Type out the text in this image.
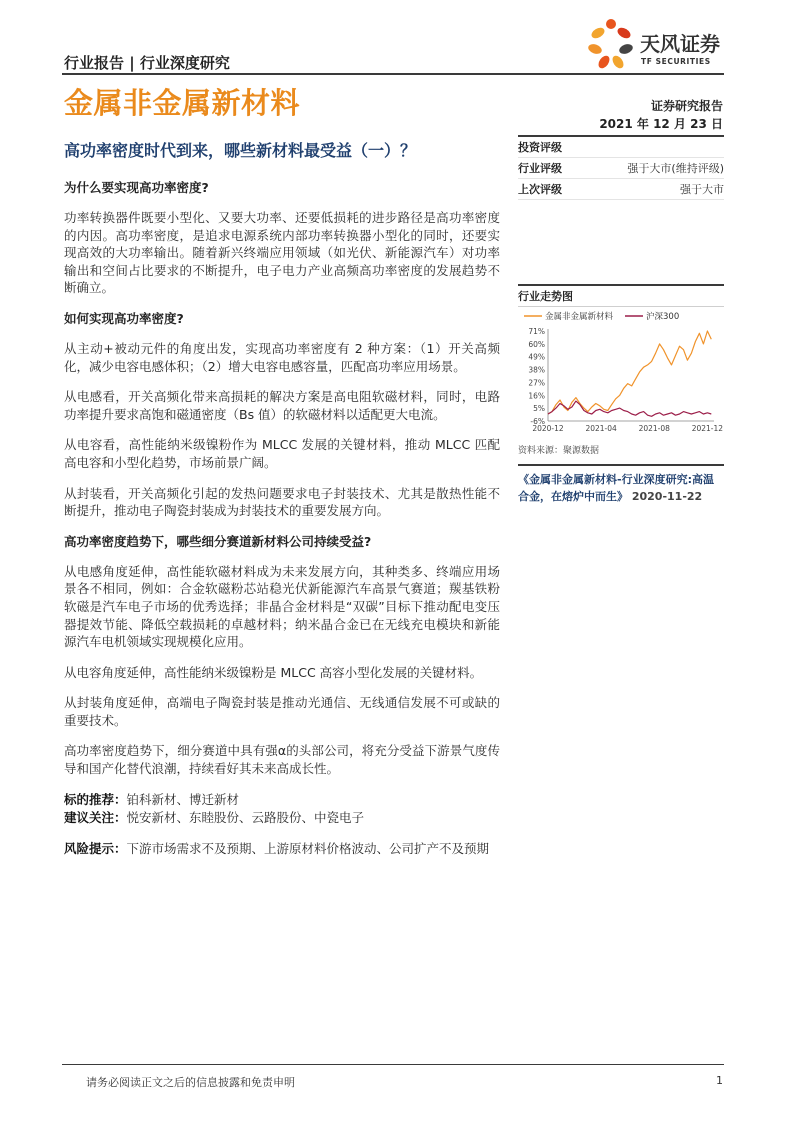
行业报告 | 行业深度研究
天风证券
TF SECURITIES
金属非金属新材料	证券研究报告
2021 年 12 月 23 日
高功率密度时代到来，哪些新材料最受益（一）？
为什么要实现高功率密度?

功率转换器件既要小型化、又要大功率、还要低损耗的进步路径是高功率密度的内因。高功率密度，是追求电源系统内部功率转换器小型化的同时，还要实现高效的大功率输出。随着新兴终端应用领域（如光伏、新能源汽车）对功率输出和空间占比要求的不断提升，电子电力产业高频高功率密度的发展趋势不断确立。

如何实现高功率密度?

从主动+被动元件的角度出发，实现高功率密度有 2 种方案：（1）开关高频化，减少电容电感体积；（2）增大电容电感容量，匹配高功率应用场景。

从电感看，开关高频化带来高损耗的解决方案是高电阻软磁材料，同时，电路功率提升要求高饱和磁通密度（Bs 值）的软磁材料以适配更大电流。

从电容看，高性能纳米级镍粉作为 MLCC 发展的关键材料，推动 MLCC 匹配高电容和小型化趋势，市场前景广阔。

从封装看，开关高频化引起的发热问题要求电子封装技术、尤其是散热性能不断提升，推动电子陶瓷封装成为封装技术的重要发展方向。

高功率密度趋势下，哪些细分赛道新材料公司持续受益?

从电感角度延伸，高性能软磁材料成为未来发展方向，其种类多、终端应用场景各不相同，例如：合金软磁粉芯站稳光伏新能源汽车高景气赛道；羰基铁粉软磁是汽车电子市场的优秀选择；非晶合金材料是“双碳”目标下推动配电变压器提效节能、降低空载损耗的卓越材料；纳米晶合金已在无线充电模块和新能源汽车电机领域实现规模化应用。

从电容角度延伸，高性能纳米级镍粉是 MLCC 高容小型化发展的关键材料。

从封装角度延伸，高端电子陶瓷封装是推动光通信、无线通信发展不可或缺的重要技术。

高功率密度趋势下，细分赛道中具有强α的头部公司，将充分受益下游景气度传导和国产化替代浪潮，持续看好其未来高成长性。

标的推荐：铂科新材、博迁新材

建议关注：悦安新材、东睦股份、云路股份、中瓷电子

风险提示：下游市场需求不及预期、上游原材料价格波动、公司扩产不及预期

投资评级
行业评级	强于大市(维持评级)
上次评级	强于大市
行业走势图
金属非金属新材料	沪深300
71%
60%
49%
38%
27%
16%
5%
-6%
2020-12	2021-04	2021-08	2021-12
资料来源：聚源数据
《金属非金属新材料-行业深度研究:高温合金，在熔炉中而生》 2020-11-22
请务必阅读正文之后的信息披露和免责申明	1
